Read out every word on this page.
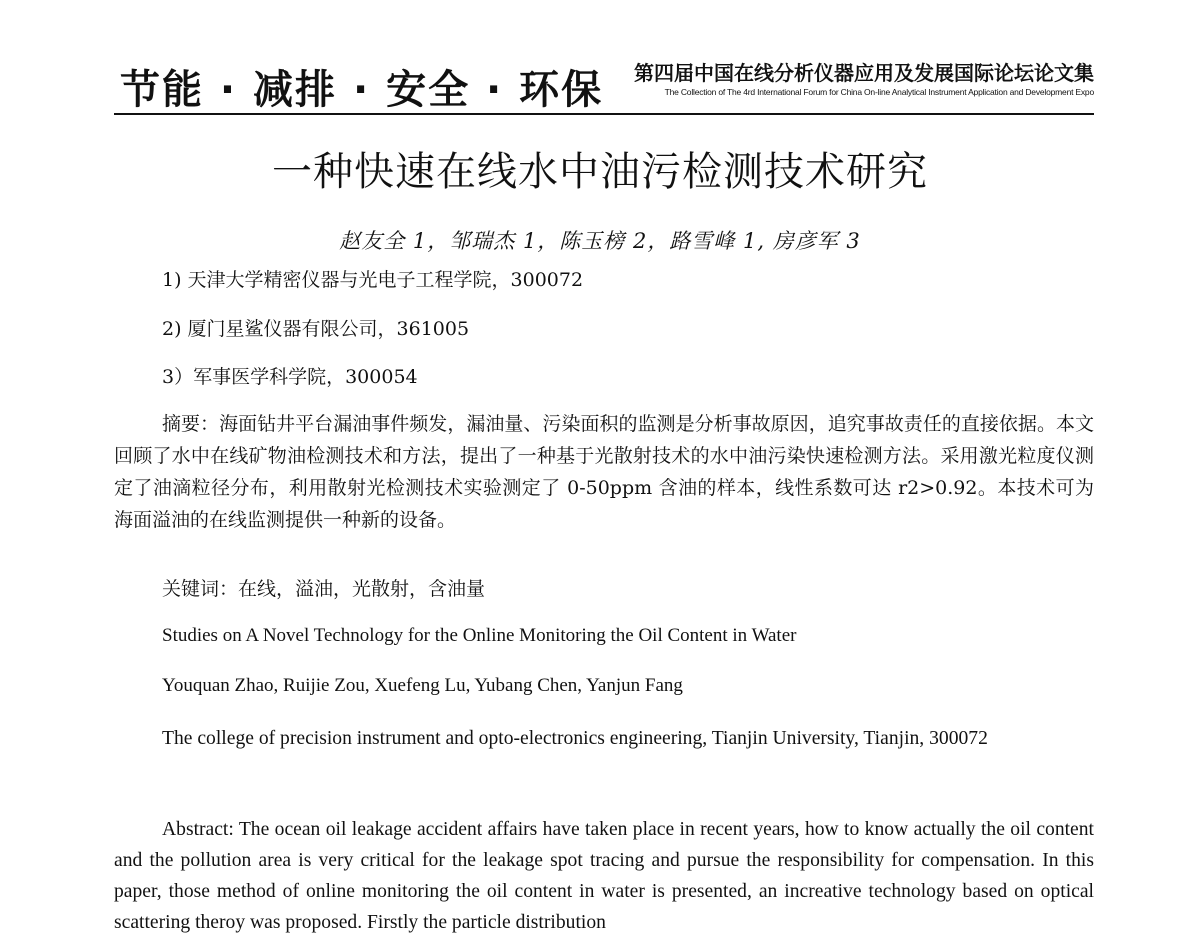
节能 · 减排 · 安全 · 环保 第四届中国在线分析仪器应用及发展国际论坛论文集
The Collection of The 4rd International Forum for China On-line Analytical Instrument Application and Development Expo
一种快速在线水中油污检测技术研究
赵友全 1，邹瑞杰 1，陈玉榜 2，路雪峰 1, 房彦军 3
1) 天津大学精密仪器与光电子工程学院，300072
2) 厦门星鲨仪器有限公司，361005
3）军事医学科学院，300054
摘要：海面钻井平台漏油事件频发，漏油量、污染面积的监测是分析事故原因，追究事故责任的直接依据。本文回顾了水中在线矿物油检测技术和方法，提出了一种基于光散射技术的水中油污染快速检测方法。采用激光粒度仪测定了油滴粒径分布，利用散射光检测技术实验测定了 0-50ppm 含油的样本，线性系数可达 r2>0.92。本技术可为海面溢油的在线监测提供一种新的设备。
关键词：在线，溢油，光散射，含油量
Studies on A Novel Technology for the Online Monitoring the Oil Content in Water
Youquan Zhao, Ruijie Zou, Xuefeng Lu, Yubang Chen, Yanjun Fang
The college of precision instrument and opto-electronics engineering, Tianjin University, Tianjin, 300072
Abstract: The ocean oil leakage accident affairs have taken place in recent years, how to know actually the oil content and the pollution area is very critical for the leakage spot tracing and pursue the responsibility for compensation. In this paper, those method of online monitoring the oil content in water is presented, an increative technology based on optical scattering theroy was proposed. Firstly the particle distribution
